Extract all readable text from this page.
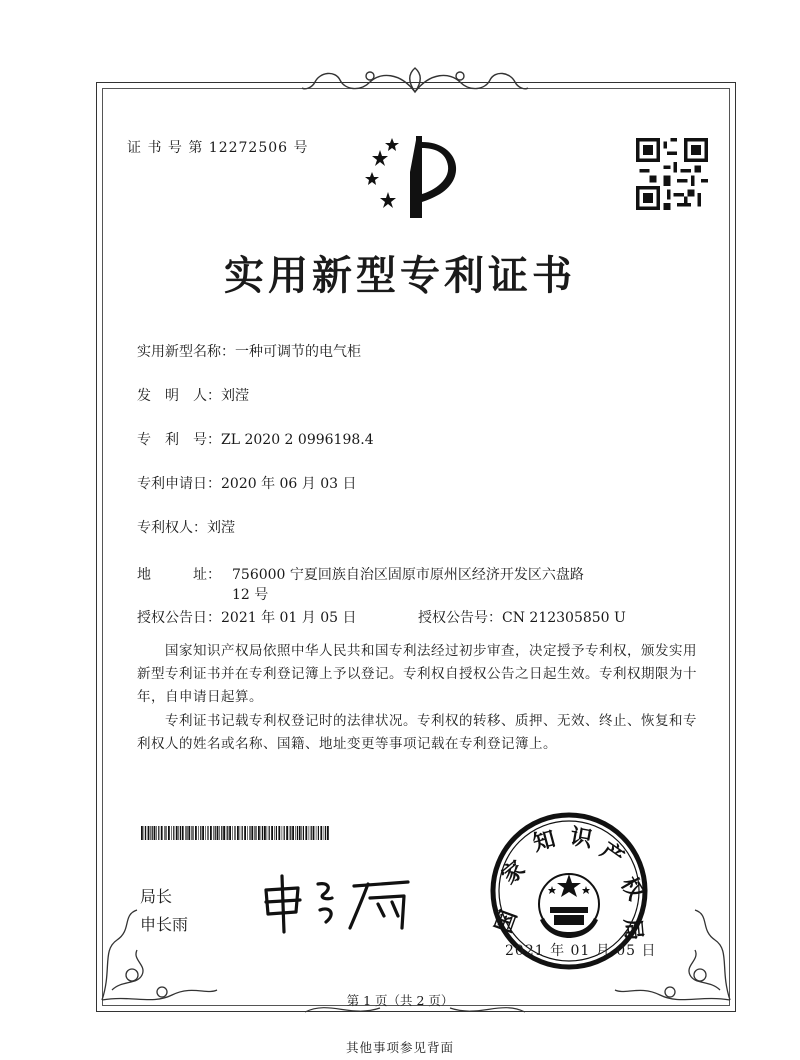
证 书 号 第 12272506 号
实用新型专利证书
实用新型名称：一种可调节的电气柜
发　明　人：刘滢
专　利　号：ZL 2020 2 0996198.4
专利申请日：2020 年 06 月 03 日
专利权人：刘滢
地　　　址： 756000 宁夏回族自治区固原市原州区经济开发区六盘路 12 号
授权公告日：2021 年 01 月 05 日	授权公告号：CN 212305850 U
国家知识产权局依照中华人民共和国专利法经过初步审查，决定授予专利权，颁发实用新型专利证书并在专利登记簿上予以登记。专利权自授权公告之日起生效。专利权期限为十年，自申请日起算。
专利证书记载专利权登记时的法律状况。专利权的转移、质押、无效、终止、恢复和专利权人的姓名或名称、国籍、地址变更等事项记载在专利登记簿上。
局长
申长雨	国
家
知 识 产
权
局
2021 年 01 月 05 日
第 1 页（共 2 页）
其他事项参见背面
